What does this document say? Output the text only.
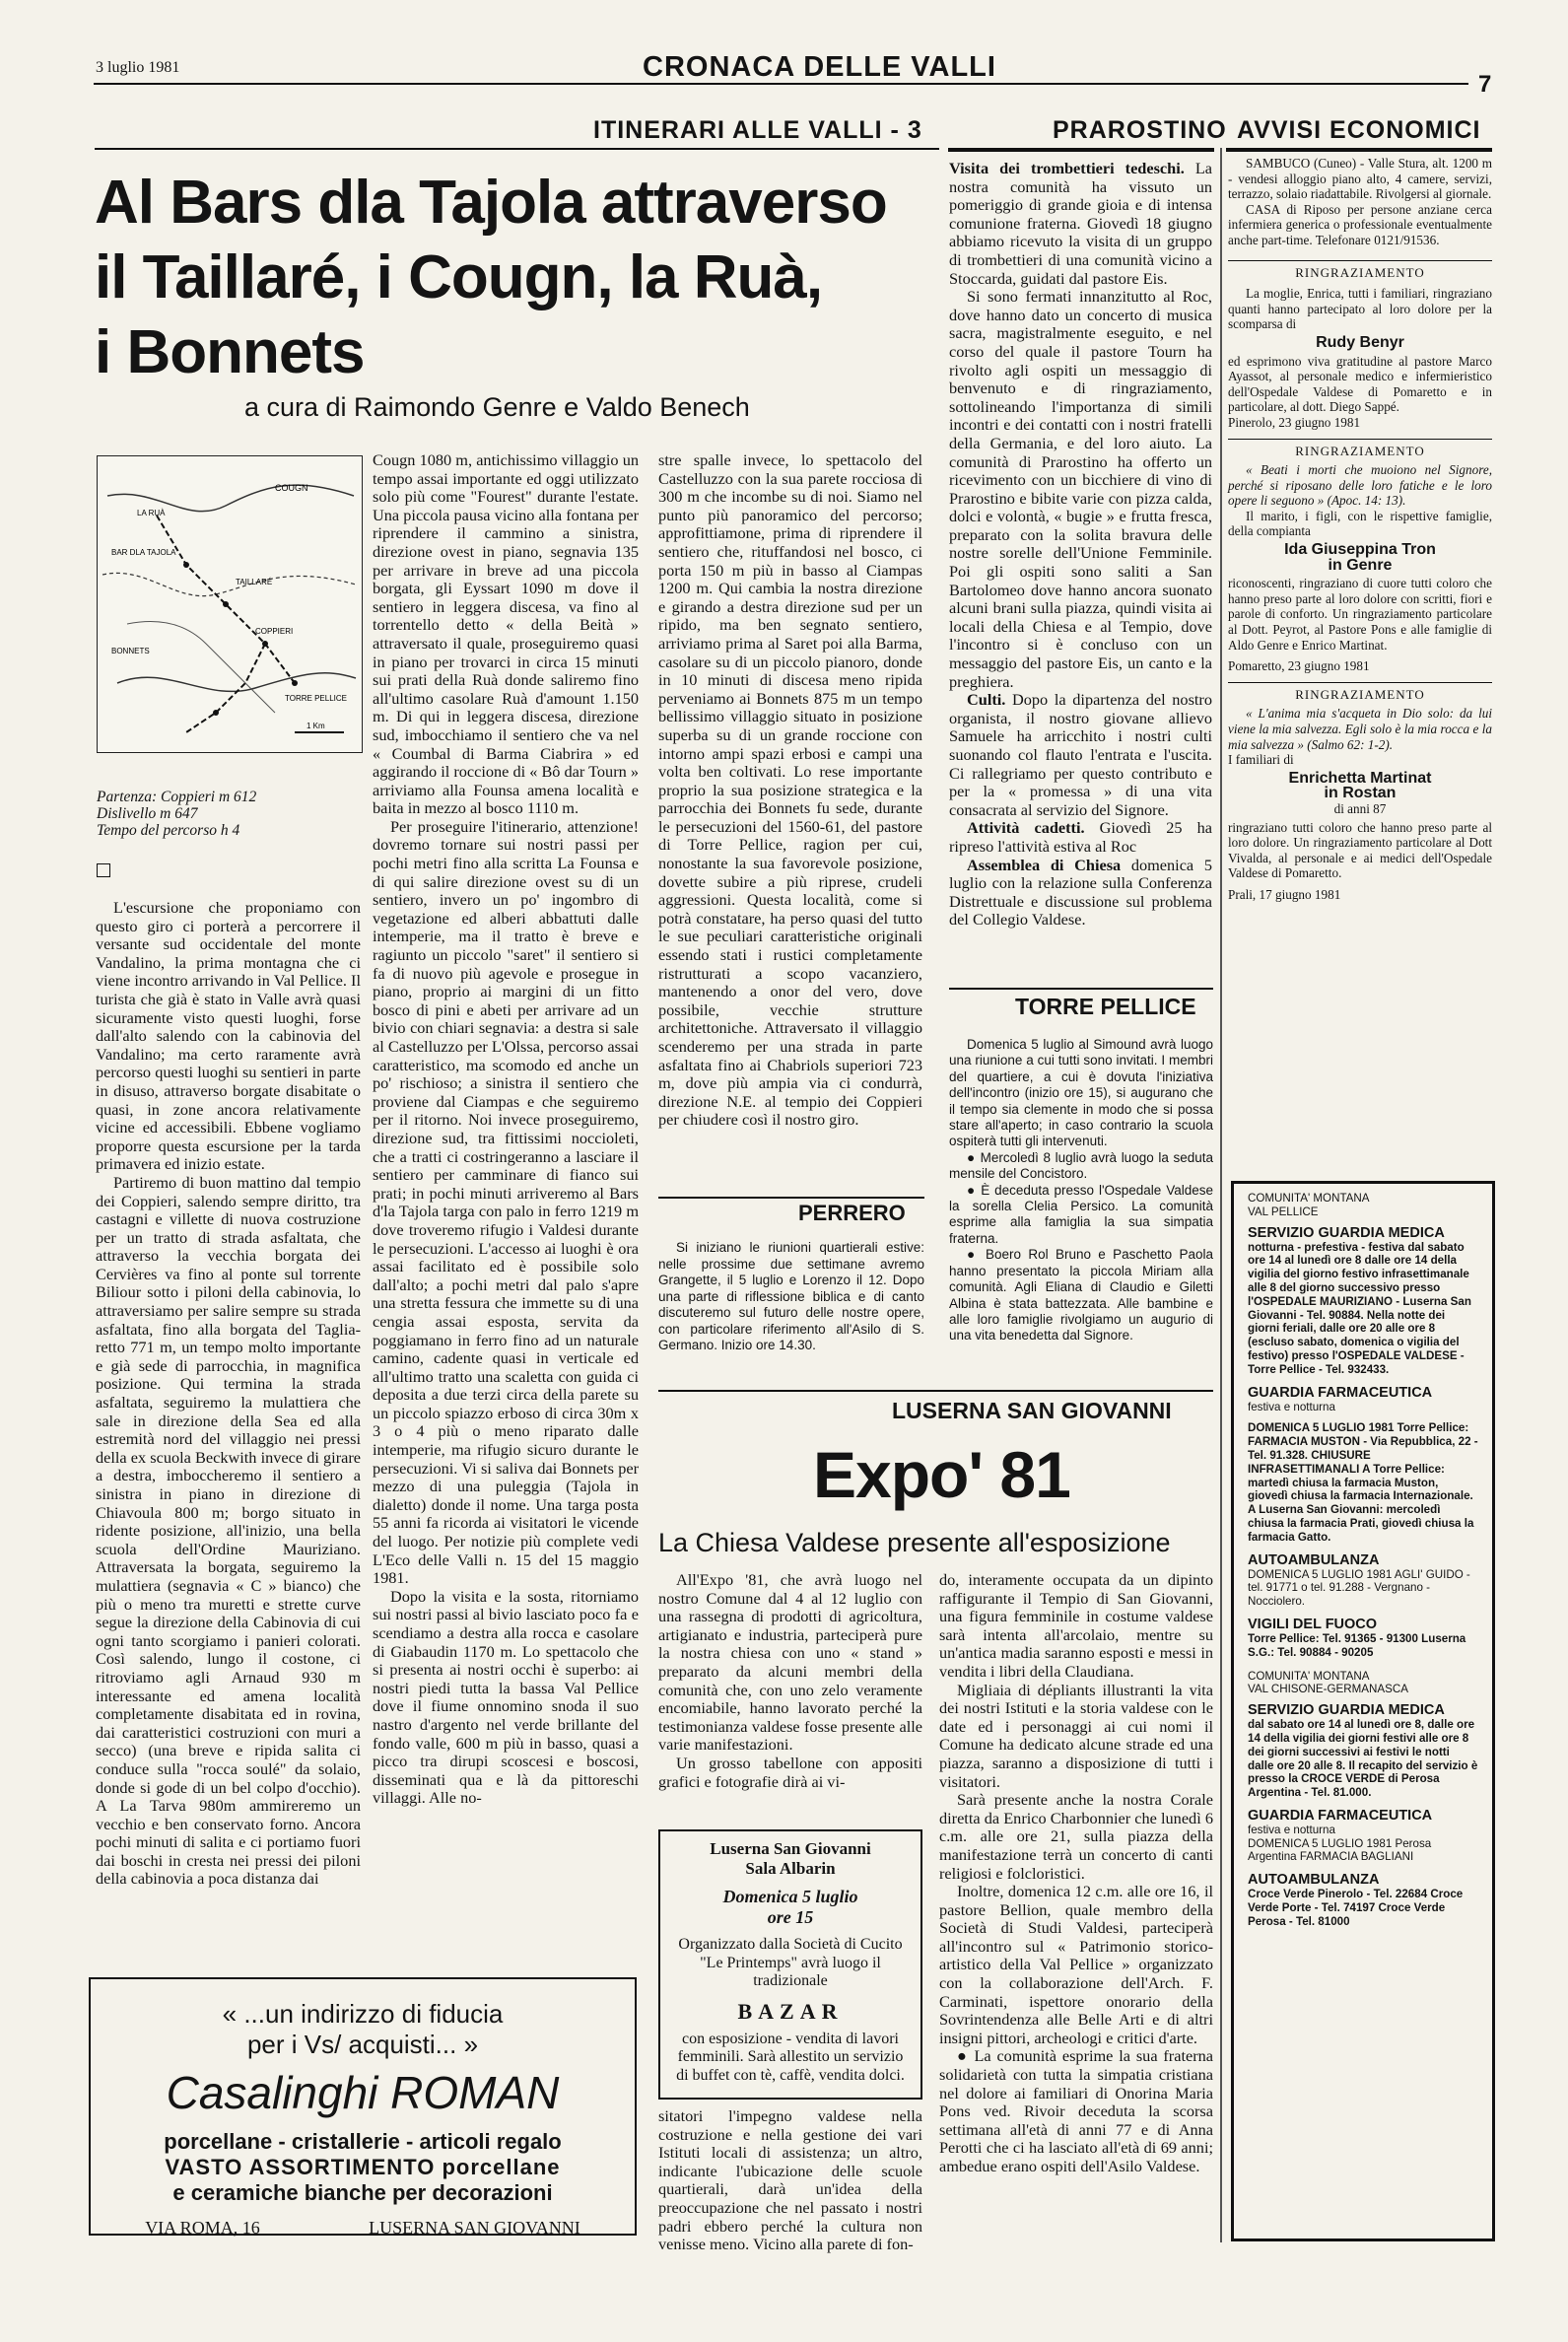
3 luglio 1981	CRONACA DELLE VALLI
7
ITINERARI ALLE VALLI - 3	PRAROSTINO AVVISI ECONOMICI
Al Bars dla Tajola attraverso
il Taillaré, i Cougn, la Ruà,
i Bonnets
a cura di Raimondo Genre e Valdo Benech
COUGN
BAR DLA TAJOLA
LA RUÀ
TAILLARÉ
BONNETS
COPPIERI
TORRE PELLICE
1 Km
Partenza: Coppieri m 612
Dislivello m 647
Tempo del percorso h 4

L'escursione che proponiamo con questo giro ci porterà a percorrere il versante sud occidentale del monte Vandalino, la prima montagna che ci viene incontro arrivando in Val Pellice. Il turista che già è stato in Valle avrà quasi sicuramente visto questi luoghi, forse dall'alto salendo con la cabinovia del Vandalino; ma certo raramente avrà percorso questi luoghi su sentieri in parte in disuso, attraverso borgate disabitate o quasi, in zone ancora relativamente vicine ed accessibili. Ebbene vogliamo proporre questa escursione per la tarda primavera ed inizio estate.

Partiremo di buon mattino dal tempio dei Coppieri, salendo sempre diritto, tra castagni e villette di nuova costruzione per un tratto di strada asfaltata, che attraverso la vecchia borgata dei Cervières va fino al ponte sul torrente Biliour sotto i piloni della cabinovia, lo attraversiamo per salire sempre su strada asfaltata, fino alla borgata del Taglia-retto 771 m, un tempo molto importante e già sede di parrocchia, in magnifica posizione. Qui termina la strada asfaltata, seguiremo la mulattiera che sale in direzione della Sea ed alla estremità nord del villaggio nei pressi della ex scuola Beckwith invece di girare a destra, imboccheremo il sentiero a sinistra in piano in direzione di Chiavoula 800 m; borgo situato in ridente posizione, all'inizio, una bella scuola dell'Ordine Mauriziano. Attraversata la borgata, seguiremo la mulattiera (segnavia « C » bianco) che più o meno tra muretti e strette curve segue la direzione della Cabinovia di cui ogni tanto scorgiamo i panieri colorati. Così salendo, lungo il costone, ci ritroviamo agli Arnaud 930 m interessante ed amena località completamente disabitata ed in rovina, dai caratteristici costruzioni con muri a secco) (una breve e ripida salita ci conduce sulla "rocca soulé" da solaio, donde si gode di un bel colpo d'occhio). A La Tarva 980m ammireremo un vecchio e ben conservato forno. Ancora pochi minuti di salita e ci portiamo fuori dai boschi in cresta nei pressi dei piloni della cabinovia a poca distanza dai

Cougn 1080 m, antichissimo villaggio un tempo assai importante ed oggi utilizzato solo più come "Fourest" durante l'estate. Una piccola pausa vicino alla fontana per riprendere il cammino a sinistra, direzione ovest in piano, segnavia 135 per arrivare in breve ad una piccola borgata, gli Eyssart 1090 m dove il sentiero in leggera discesa, va fino al torrentello detto « della Beità » attraversato il quale, proseguiremo quasi in piano per trovarci in circa 15 minuti sui prati della Ruà donde saliremo fino all'ultimo casolare Ruà d'amount 1.150 m. Di qui in leggera discesa, direzione sud, imbocchiamo il sentiero che va nel « Coumbal di Barma Ciabrira » ed aggirando il roccione di « Bô dar Tourn » arriviamo alla Founsa amena località e baita in mezzo al bosco 1110 m.

Per proseguire l'itinerario, attenzione! dovremo tornare sui nostri passi per pochi metri fino alla scritta La Founsa e di qui salire direzione ovest su di un sentiero, invero un po' ingombro di vegetazione ed alberi abbattuti dalle intemperie, ma il tratto è breve e ragiunto un piccolo "saret" il sentiero si fa di nuovo più agevole e prosegue in piano, proprio ai margini di un fitto bosco di pini e abeti per arrivare ad un bivio con chiari segnavia: a destra si sale al Castelluzzo per L'Olssa, percorso assai caratteristico, ma scomodo ed anche un po' rischioso; a sinistra il sentiero che proviene dal Ciampas e che seguiremo per il ritorno. Noi invece proseguiremo, direzione sud, tra fittissimi noccioleti, che a tratti ci costringeranno a lasciare il sentiero per camminare di fianco sui prati; in pochi minuti arriveremo al Bars d'la Tajola targa con palo in ferro 1219 m dove troveremo rifugio i Valdesi durante le persecuzioni. L'accesso ai luoghi è ora assai facilitato ed è possibile solo dall'alto; a pochi metri dal palo s'apre una stretta fessura che immette su di una cengia assai esposta, servita da poggiamano in ferro fino ad un naturale camino, cadente quasi in verticale ed all'ultimo tratto una scaletta con guida ci deposita a due terzi circa della parete su un piccolo spiazzo erboso di circa 30m x 3 o 4 più o meno riparato dalle intemperie, ma rifugio sicuro durante le persecuzioni. Vi si saliva dai Bonnets per mezzo di una puleggia (Tajola in dialetto) donde il nome. Una targa posta 55 anni fa ricorda ai visitatori le vicende del luogo. Per notizie più complete vedi L'Eco delle Valli n. 15 del 15 maggio 1981.

Dopo la visita e la sosta, ritorniamo sui nostri passi al bivio lasciato poco fa e scendiamo a destra alla rocca e casolare di Giabaudin 1170 m. Lo spettacolo che si presenta ai nostri occhi è superbo: ai nostri piedi tutta la bassa Val Pellice dove il fiume onnomino snoda il suo nastro d'argento nel verde brillante del fondo valle, 600 m più in basso, quasi a picco tra dirupi scoscesi e boscosi, disseminati qua e là da pittoreschi villaggi. Alle no-

stre spalle invece, lo spettacolo del Castelluzzo con la sua parete rocciosa di 300 m che incombe su di noi. Siamo nel punto più panoramico del percorso; approfittiamone, prima di riprendere il sentiero che, rituffandosi nel bosco, ci porta 150 m più in basso al Ciampas 1200 m. Qui cambia la nostra direzione e girando a destra direzione sud per un ripido, ma ben segnato sentiero, arriviamo prima al Saret poi alla Barma, casolare su di un piccolo pianoro, donde in 10 minuti di discesa meno ripida perveniamo ai Bonnets 875 m un tempo bellissimo villaggio situato in posizione superba su di un grande roccione con intorno ampi spazi erbosi e campi una volta ben coltivati. Lo rese importante proprio la sua posizione strategica e la parrocchia dei Bonnets fu sede, durante le persecuzioni del 1560-61, del pastore di Torre Pellice, ragion per cui, nonostante la sua favorevole posizione, dovette subire a più riprese, crudeli aggressioni. Questa località, come si potrà constatare, ha perso quasi del tutto le sue peculiari caratteristiche originali essendo stati i rustici completamente ristrutturati a scopo vacanziero, mantenendo a onor del vero, dove possibile, vecchie strutture architettoniche. Attraversato il villaggio scenderemo per una strada in parte asfaltata fino ai Chabriols superiori 723 m, dove più ampia via ci condurrà, direzione N.E. al tempio dei Coppieri per chiudere così il nostro giro.

PERRERO

Si iniziano le riunioni quartierali estive: nelle prossime due settimane avremo Grangette, il 5 luglio e Lorenzo il 12. Dopo una parte di riflessione biblica e di canto discuteremo sul futuro delle nostre opere, con particolare riferimento all'Asilo di S. Germano. Inizio ore 14.30.

Visita dei trombettieri tedeschi. La nostra comunità ha vissuto un pomeriggio di grande gioia e di intensa comunione fraterna. Giovedì 18 giugno abbiamo ricevuto la visita di un gruppo di trombettieri di una comunità vicino a Stoccarda, guidati dal pastore Eis.

Si sono fermati innanzitutto al Roc, dove hanno dato un concerto di musica sacra, magistralmente eseguito, e nel corso del quale il pastore Tourn ha rivolto agli ospiti un messaggio di benvenuto e di ringraziamento, sottolineando l'importanza di simili incontri e dei contatti con i nostri fratelli della Germania, e del loro aiuto. La comunità di Prarostino ha offerto un ricevimento con un bicchiere di vino di Prarostino e bibite varie con pizza calda, dolci e volontà, « bugie » e frutta fresca, preparato con la solita bravura delle nostre sorelle dell'Unione Femminile. Poi gli ospiti sono saliti a San Bartolomeo dove hanno ancora suonato alcuni brani sulla piazza, quindi visita ai locali della Chiesa e al Tempio, dove l'incontro si è concluso con un messaggio del pastore Eis, un canto e la preghiera.

Culti. Dopo la dipartenza del nostro organista, il nostro giovane allievo Samuele ha arricchito i nostri culti suonando col flauto l'entrata e l'uscita. Ci rallegriamo per questo contributo e per la « promessa » di una vita consacrata al servizio del Signore.

Attività cadetti. Giovedì 25 ha ripreso l'attività estiva al Roc

Assemblea di Chiesa domenica 5 luglio con la relazione sulla Conferenza Distrettuale e discussione sul problema del Collegio Valdese.

TORRE PELLICE

Domenica 5 luglio al Simound avrà luogo una riunione a cui tutti sono invitati. I membri del quartiere, a cui è dovuta l'iniziativa dell'incontro (inizio ore 15), si augurano che il tempo sia clemente in modo che si possa stare all'aperto; in caso contrario la scuola ospiterà tutti gli intervenuti.

● Mercoledì 8 luglio avrà luogo la seduta mensile del Concistoro.

● È deceduta presso l'Ospedale Valdese la sorella Clelia Persico. La comunità esprime alla famiglia la sua simpatia fraterna.

● Boero Rol Bruno e Paschetto Paola hanno presentato la piccola Miriam alla comunità. Agli Eliana di Claudio e Giletti Albina è stata battezzata. Alle bambine e alle loro famiglie rivolgiamo un augurio di una vita benedetta dal Signore.

LUSERNA SAN GIOVANNI
Expo' 81
La Chiesa Valdese presente all'esposizione

All'Expo '81, che avrà luogo nel nostro Comune dal 4 al 12 luglio con una rassegna di prodotti di agricoltura, artigianato e industria, parteciperà pure la nostra chiesa con uno « stand » preparato da alcuni membri della comunità che, con uno zelo veramente encomiabile, hanno lavorato perché la testimonianza valdese fosse presente alle varie manifestazioni.

Un grosso tabellone con appositi grafici e fotografie dirà ai vi-

Luserna San Giovanni
Sala Albarin
Domenica 5 luglio
ore 15
Organizzato dalla Società di Cucito "Le Printemps" avrà luogo il tradizionale
BAZAR
con esposizione - vendita di lavori femminili. Sarà allestito un servizio di buffet con tè, caffè, vendita dolci.

sitatori l'impegno valdese nella costruzione e nella gestione dei vari Istituti locali di assistenza; un altro, indicante l'ubicazione delle scuole quartierali, darà un'idea della preoccupazione che nel passato i nostri padri ebbero perché la cultura non venisse meno. Vicino alla parete di fon-

do, interamente occupata da un dipinto raffigurante il Tempio di San Giovanni, una figura femminile in costume valdese sarà intenta all'arcolaio, mentre su un'antica madia saranno esposti e messi in vendita i libri della Claudiana.

Migliaia di dépliants illustranti la vita dei nostri Istituti e la storia valdese con le date ed i personaggi ai cui nomi il Comune ha dedicato alcune strade ed una piazza, saranno a disposizione di tutti i visitatori.

Sarà presente anche la nostra Corale diretta da Enrico Charbonnier che lunedì 6 c.m. alle ore 21, sulla piazza della manifestazione terrà un concerto di canti religiosi e folcloristici.

Inoltre, domenica 12 c.m. alle ore 16, il pastore Bellion, quale membro della Società di Studi Valdesi, parteciperà all'incontro sul « Patrimonio storico-artistico della Val Pellice » organizzato con la collaborazione dell'Arch. F. Carminati, ispettore onorario della Sovrintendenza alle Belle Arti e di altri insigni pittori, archeologi e critici d'arte.

● La comunità esprime la sua fraterna solidarietà con tutta la simpatia cristiana nel dolore ai familiari di Onorina Maria Pons ved. Rivoir deceduta la scorsa settimana all'età di anni 77 e di Anna Perotti che ci ha lasciato all'età di 69 anni; ambedue erano ospiti dell'Asilo Valdese.

« ...un indirizzo di fiducia
per i Vs/ acquisti... »
Casalinghi ROMAN
porcellane - cristallerie - articoli regalo
VASTO ASSORTIMENTO porcellane
e ceramiche bianche per decorazioni
VIA ROMA, 16	LUSERNA SAN GIOVANNI

SAMBUCO (Cuneo) - Valle Stura, alt. 1200 m - vendesi alloggio piano alto, 4 camere, servizi, terrazzo, solaio riadattabile. Rivolgersi al giornale.

CASA di Riposo per persone anziane cerca infermiera generica o professionale eventualmente anche part-time. Telefonare 0121/91536.

RINGRAZIAMENTO

La moglie, Enrica, tutti i familiari, ringraziano quanti hanno partecipato al loro dolore per la scomparsa di

Rudy Benyr

ed esprimono viva gratitudine al pastore Marco Ayassot, al personale medico e infermieristico dell'Ospedale Valdese di Pomaretto e in particolare, al dott. Diego Sappé.

Pinerolo, 23 giugno 1981

RINGRAZIAMENTO

« Beati i morti che muoiono nel Signore, perché si riposano delle loro fatiche e le loro opere li seguono » (Apoc. 14: 13).

Il marito, i figli, con le rispettive famiglie, della compianta

Ida Giuseppina Tron
in Genre

riconoscenti, ringraziano di cuore tutti coloro che hanno preso parte al loro dolore con scritti, fiori e parole di conforto. Un ringraziamento particolare al Dott. Peyrot, al Pastore Pons e alle famiglie di Aldo Genre e Enrico Martinat.

Pomaretto, 23 giugno 1981

RINGRAZIAMENTO

« L'anima mia s'acqueta in Dio solo: da lui viene la mia salvezza. Egli solo è la mia rocca e la mia salvezza » (Salmo 62: 1-2).

I familiari di

Enrichetta Martinat
in Rostan
di anni 87

ringraziano tutti coloro che hanno preso parte al loro dolore. Un ringraziamento particolare al Dott Vivalda, al personale e ai medici dell'Ospedale Valdese di Pomaretto.

Prali, 17 giugno 1981

COMUNITA' MONTANA
VAL PELLICE
SERVIZIO GUARDIA MEDICA
notturna - prefestiva - festiva dal sabato ore 14 al lunedì ore 8 dalle ore 14 della vigilia del giorno festivo infrasettimanale alle 8 del giorno successivo presso l'OSPEDALE MAURIZIANO - Luserna San Giovanni - Tel. 90884. Nella notte dei giorni feriali, dalle ore 20 alle ore 8 (escluso sabato, domenica o vigilia del festivo) presso l'OSPEDALE VALDESE - Torre Pellice - Tel. 932433.
GUARDIA FARMACEUTICA
festiva e notturna
DOMENICA 5 LUGLIO 1981 Torre Pellice: FARMACIA MUSTON - Via Repubblica, 22 - Tel. 91.328. CHIUSURE INFRASETTIMANALI A Torre Pellice: martedì chiusa la farmacia Muston, giovedì chiusa la farmacia Internazionale. A Luserna San Giovanni: mercoledì chiusa la farmacia Prati, giovedì chiusa la farmacia Gatto.
AUTOAMBULANZA
DOMENICA 5 LUGLIO 1981 AGLI' GUIDO - tel. 91771 o tel. 91.288 - Vergnano - Nocciolero.
VIGILI DEL FUOCO
Torre Pellice: Tel. 91365 - 91300 Luserna S.G.: Tel. 90884 - 90205
COMUNITA' MONTANA
VAL CHISONE-GERMANASCA
SERVIZIO GUARDIA MEDICA
dal sabato ore 14 al lunedì ore 8, dalle ore 14 della vigilia dei giorni festivi alle ore 8 dei giorni successivi ai festivi le notti dalle ore 20 alle 8. Il recapito del servizio è presso la CROCE VERDE di Perosa Argentina - Tel. 81.000.
GUARDIA FARMACEUTICA
festiva e notturna
DOMENICA 5 LUGLIO 1981 Perosa Argentina FARMACIA BAGLIANI
AUTOAMBULANZA
Croce Verde Pinerolo - Tel. 22684 Croce Verde Porte - Tel. 74197 Croce Verde Perosa - Tel. 81000
